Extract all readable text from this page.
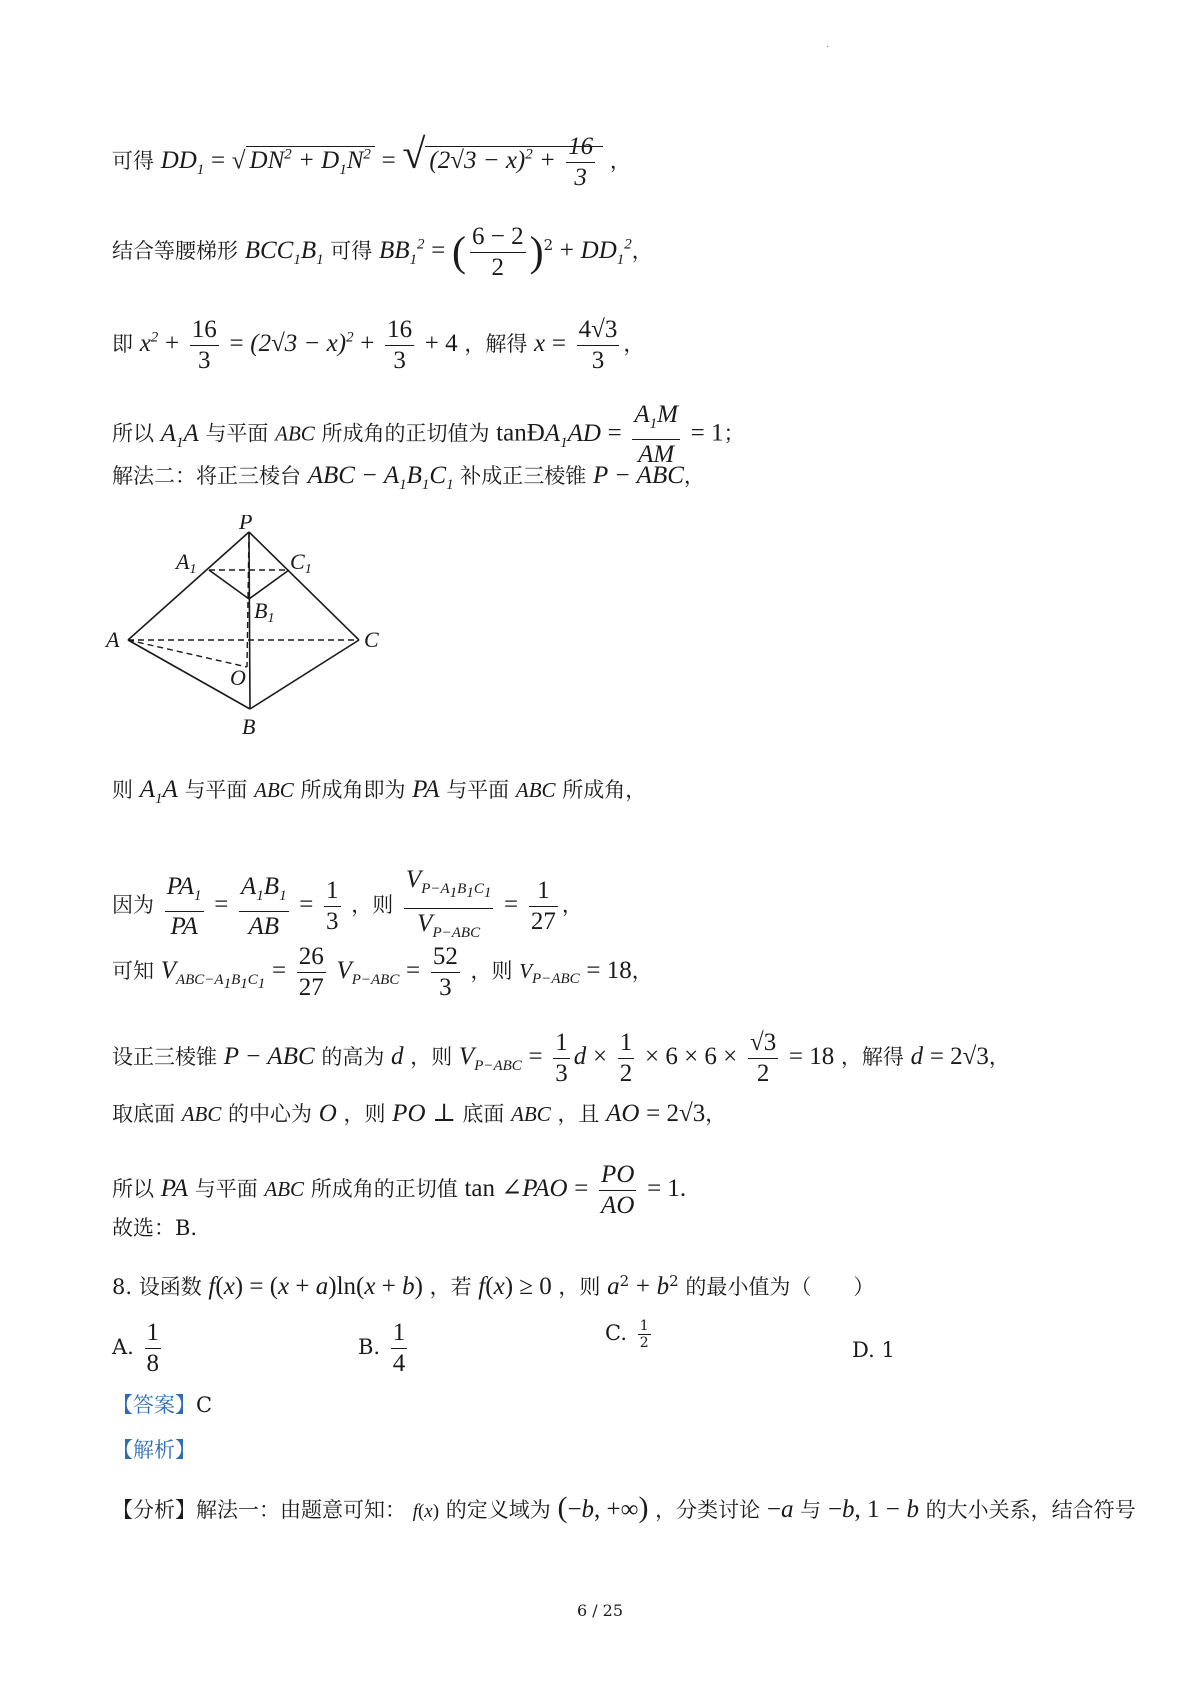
·
可得 $DD_1$ = √ $DN^2 + D_1N^2$ = √ $(2√3 - x)^2 + \frac{16}{3}$ ，
结合等腰梯形 $BCC_1B_1$ 可得 $BB_1^2$ = ( $\frac{6 - 2}{2} )^2 + DD_1^2$，
即 $x^2 + \frac{16}{3} = (2√3 - x)^2 + \frac{16}{3} + 4$ ，解得 $x = \frac{4√3}{3}$ ，
所以 $A_1A$ 与平面 ABC 所成角的正切值为 tanÐA$_1$AD = $\frac{A_1M}{AM} = 1$；
解法二：将正三棱台 ABC − $A_1B_1C_1$ 补成正三棱锥 P − ABC，
P
A1	C1
B1
A	C
O
B
则 $A_1A$ 与平面 ABC 所成角即为 PA 与平面 ABC 所成角，
因为 $\frac{PA_1}{PA} = \frac{A_1B_1}{AB} = \frac{1}{3}$ ，则
$V_{P-A_1B_1C_1}$
$V_{P-ABC}$
= $\frac{1}{27}$ ，
可知 $V_{ABC-A_1B_1C_1} = \frac{26}{27} V_{P-ABC} = \frac{52}{3}$ ，则 $V_{P-ABC} = 18$，
设正三棱锥 P − ABC 的高为 d ，则 $V_{P-ABC} = \frac{1}{3}$ $d \times \frac{1}{2} \times 6 \times 6 \times \frac{√3}{2} = 18$ ，解得 d = 2√3，
取底面 ABC 的中心为 O ，则 PO ⊥ 底面 ABC ，且 AO = 2√3，
所以 PA 与平面 ABC 所成角的正切值 tan ∠PAO = $\frac{PO}{AO} = 1$.
故选：B.
8. 设函数 f(x) = (x + a)ln(x + b) ，若 f(x) ≥ 0 ，则 $a^2 + b^2$ 的最小值为（　　）
A. $\frac{1}{8}$	B. $\frac{1}{4}$	C. $\frac{1}{2}$	D. 1
【答案】C
【解析】
【分析】解法一：由题意可知： f(x) 的定义域为 (−b, +∞) ，分类讨论 −a 与 −b, 1 − b 的大小关系，结合符号
6 / 25
